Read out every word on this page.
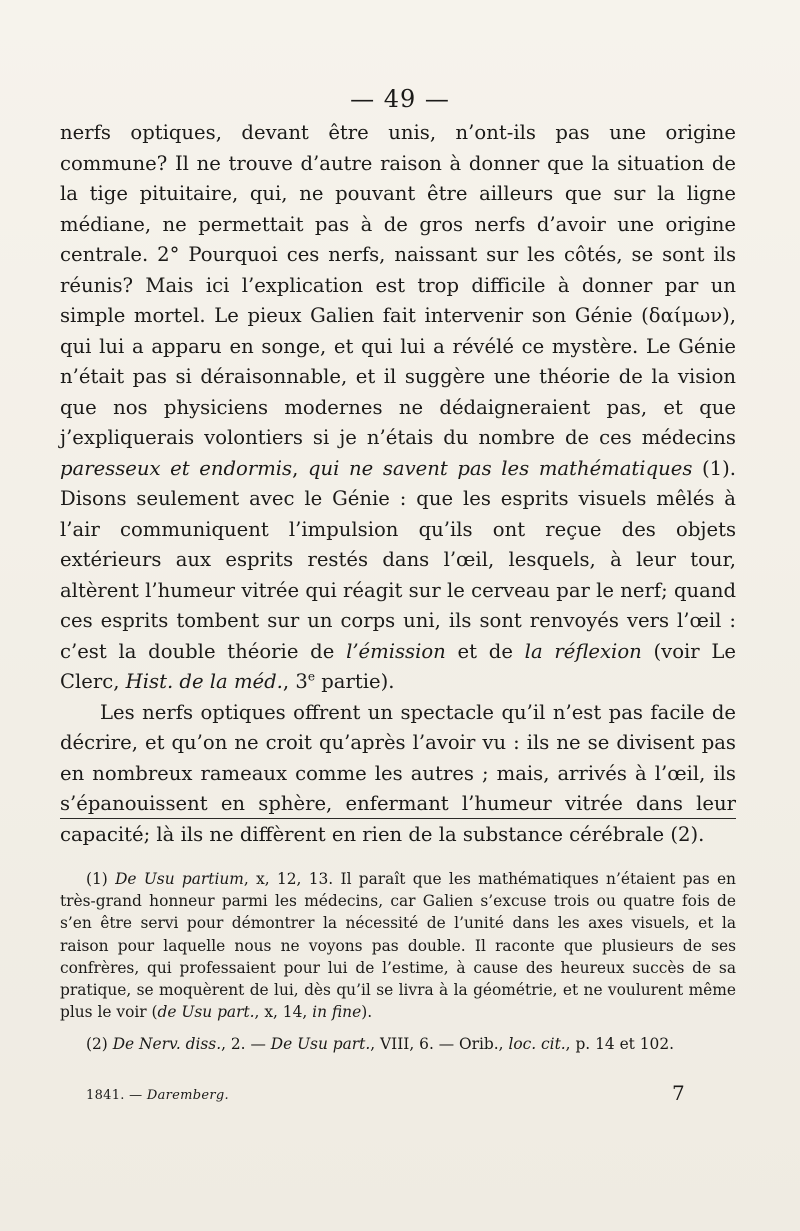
— 49 —

nerfs optiques, devant être unis, n’ont-ils pas une origine commune? Il ne trouve d’autre raison à donner que la situation de la tige pituitaire, qui, ne pouvant être ailleurs que sur la ligne médiane, ne permettait pas à de gros nerfs d’avoir une origine centrale. 2° Pourquoi ces nerfs, naissant sur les côtés, se sont ils réunis? Mais ici l’explication est trop difficile à donner par un simple mortel. Le pieux Galien fait intervenir son Génie (δαίμων), qui lui a apparu en songe, et qui lui a révélé ce mystère. Le Génie n’était pas si déraisonnable, et il suggère une théorie de la vision que nos physiciens modernes ne dédaigneraient pas, et que j’expliquerais volontiers si je n’étais du nombre de ces médecins paresseux et endormis, qui ne savent pas les mathématiques (1). Disons seulement avec le Génie : que les esprits visuels mêlés à l’air communiquent l’impulsion qu’ils ont reçue des objets extérieurs aux esprits restés dans l’œil, lesquels, à leur tour, altèrent l’humeur vitrée qui réagit sur le cerveau par le nerf; quand ces esprits tombent sur un corps uni, ils sont renvoyés vers l’œil : c’est la double théorie de l’émission et de la réflexion (voir Le Clerc, Hist. de la méd., 3e partie).

Les nerfs optiques offrent un spectacle qu’il n’est pas facile de décrire, et qu’on ne croit qu’après l’avoir vu : ils ne se divisent pas en nombreux rameaux comme les autres ; mais, arrivés à l’œil, ils s’épanouissent en sphère, enfermant l’humeur vitrée dans leur capacité; là ils ne diffèrent en rien de la substance cérébrale (2).

(1) De Usu partium, x, 12, 13. Il paraît que les mathématiques n’étaient pas en très-grand honneur parmi les médecins, car Galien s’excuse trois ou quatre fois de s’en être servi pour démontrer la nécessité de l’unité dans les axes visuels, et la raison pour laquelle nous ne voyons pas double. Il raconte que plusieurs de ses confrères, qui professaient pour lui de l’estime, à cause des heureux succès de sa pratique, se moquèrent de lui, dès qu’il se livra à la géométrie, et ne voulurent même plus le voir (de Usu part., x, 14, in fine).

(2) De Nerv. diss., 2. — De Usu part., VIII, 6. — Orib., loc. cit., p. 14 et 102.

1841. — Daremberg.	7
